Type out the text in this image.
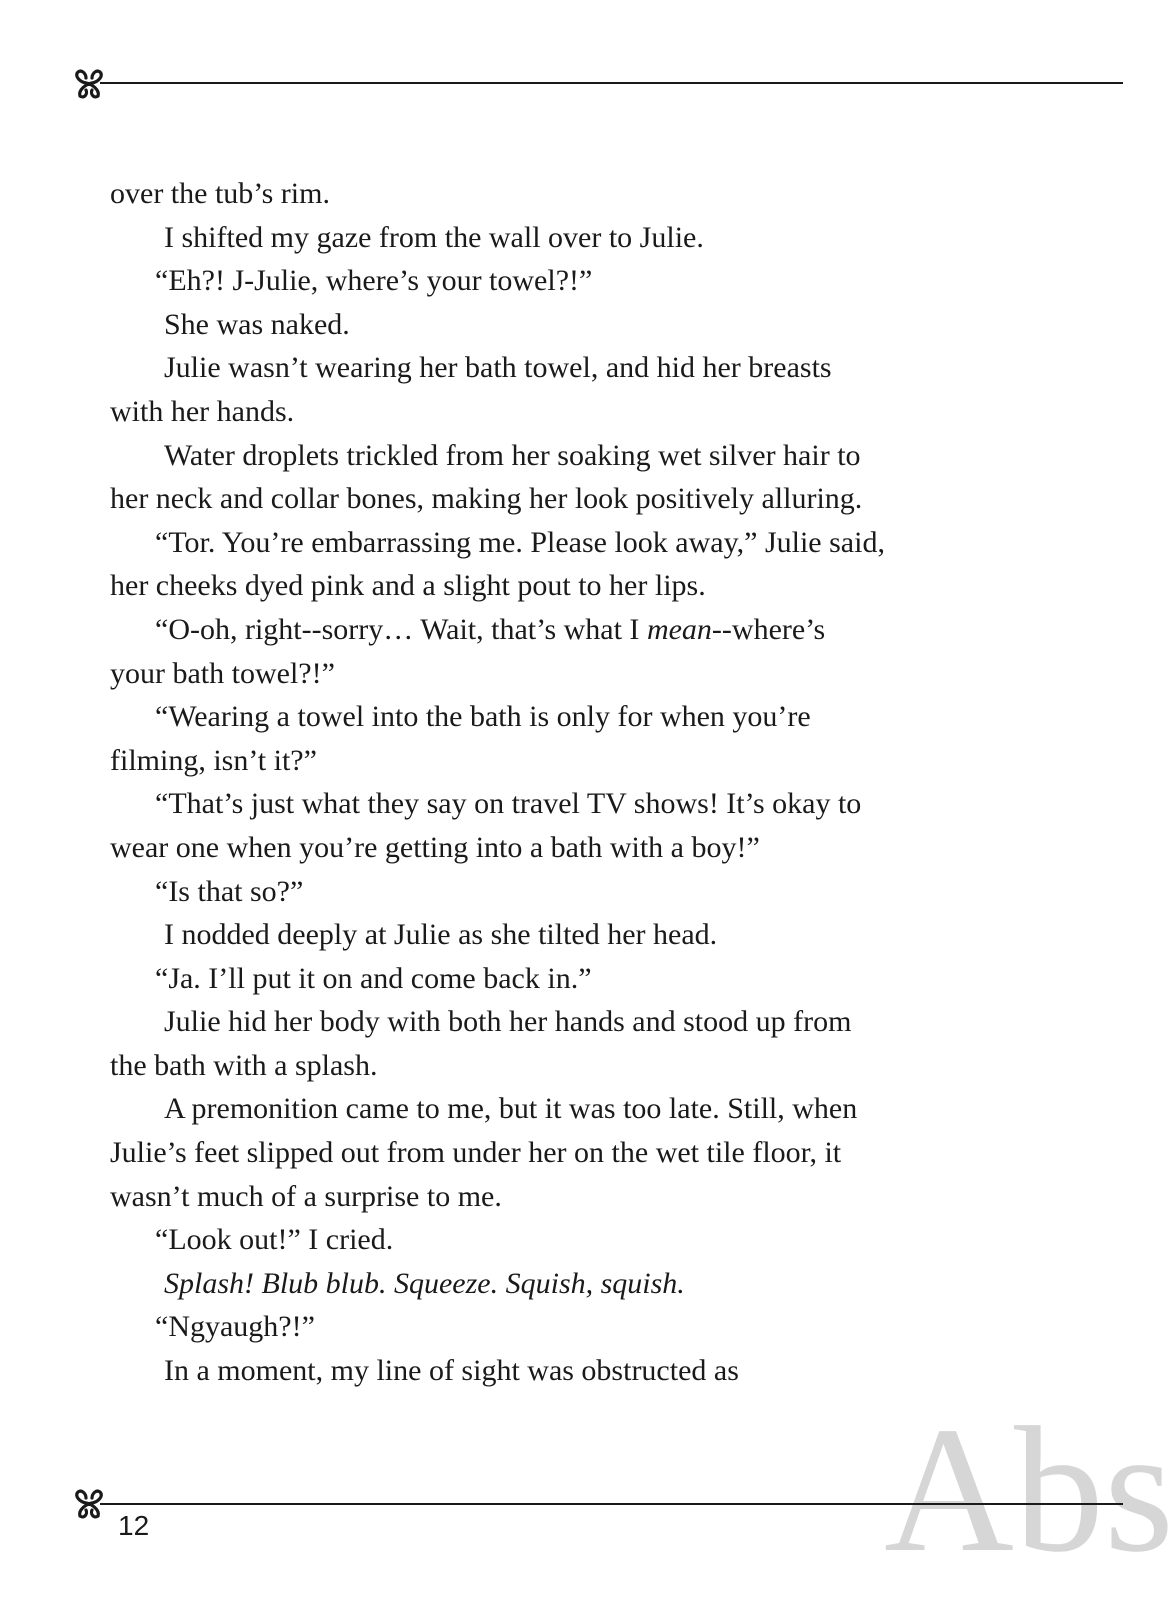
over the tub’s rim.
I shifted my gaze from the wall over to Julie.
“Eh?! J-Julie, where’s your towel?!”
She was naked.
Julie wasn’t wearing her bath towel, and hid her breasts
with her hands.
Water droplets trickled from her soaking wet silver hair to
her neck and collar bones, making her look positively alluring.
“Tor. You’re embarrassing me. Please look away,” Julie said,
her cheeks dyed pink and a slight pout to her lips.
“O-oh, right--sorry… Wait, that’s what I mean--where’s
your bath towel?!”
“Wearing a towel into the bath is only for when you’re
filming, isn’t it?”
“That’s just what they say on travel TV shows! It’s okay to
wear one when you’re getting into a bath with a boy!”
“Is that so?”
I nodded deeply at Julie as she tilted her head.
“Ja. I’ll put it on and come back in.”
Julie hid her body with both her hands and stood up from
the bath with a splash.
A premonition came to me, but it was too late. Still, when
Julie’s feet slipped out from under her on the wet tile floor, it
wasn’t much of a surprise to me.
“Look out!” I cried.
Splash! Blub blub. Squeeze. Squish, squish.
“Ngyaugh?!”
In a moment, my line of sight was obstructed as
Abs
12
